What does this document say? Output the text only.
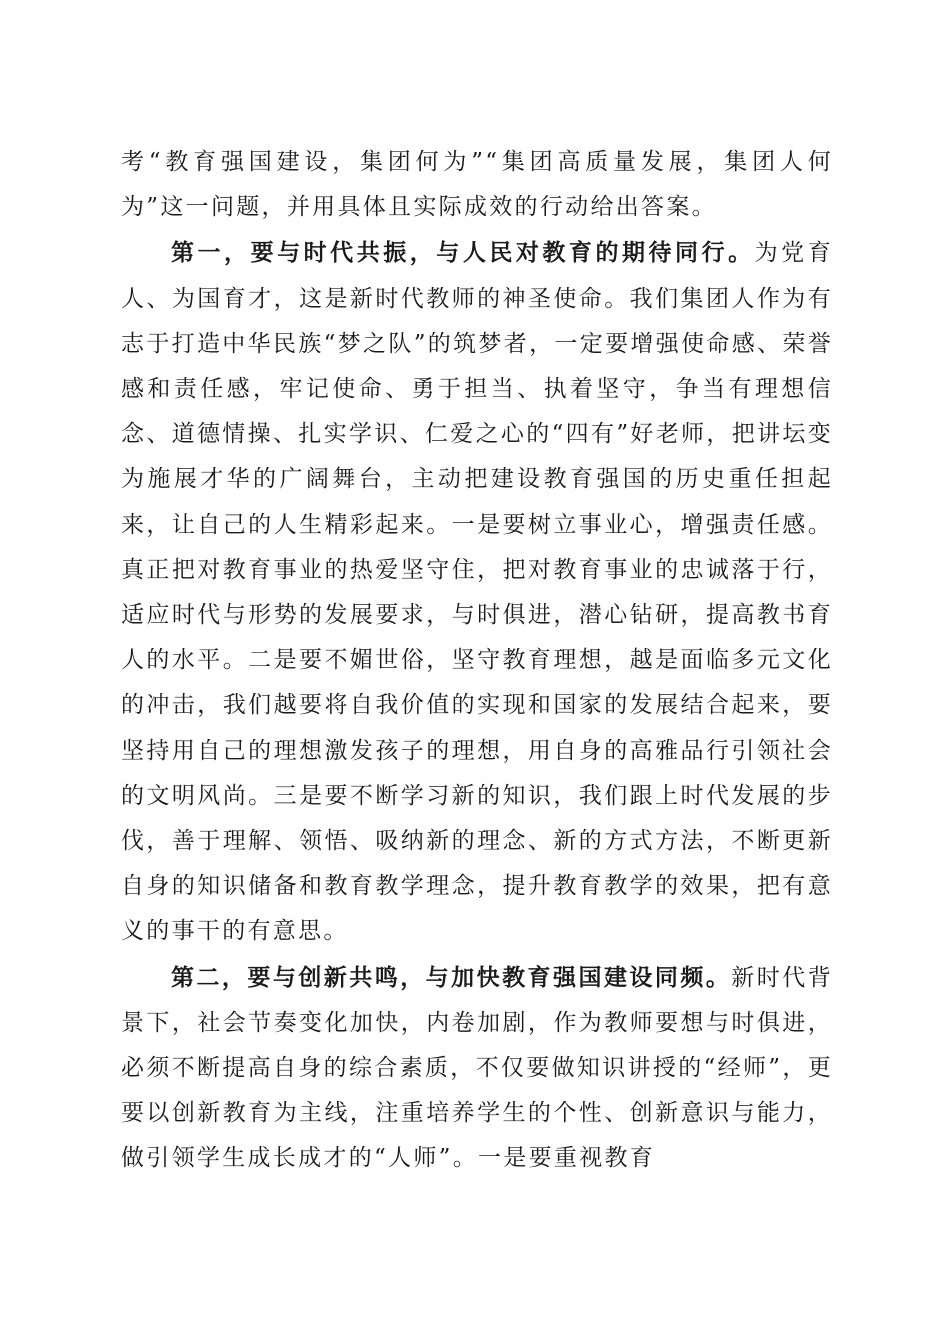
考“教育强国建设，集团何为”“集团高质量发展，集团人何为”这一问题，并用具体且实际成效的行动给出答案。

第一，要与时代共振，与人民对教育的期待同行。为党育人、为国育才，这是新时代教师的神圣使命。我们集团人作为有志于打造中华民族“梦之队”的筑梦者，一定要增强使命感、荣誉感和责任感，牢记使命、勇于担当、执着坚守，争当有理想信念、道德情操、扎实学识、仁爱之心的“四有”好老师，把讲坛变为施展才华的广阔舞台，主动把建设教育强国的历史重任担起来，让自己的人生精彩起来。一是要树立事业心，增强责任感。真正把对教育事业的热爱坚守住，把对教育事业的忠诚落于行，适应时代与形势的发展要求，与时俱进，潜心钻研，提高教书育人的水平。二是要不媚世俗，坚守教育理想，越是面临多元文化的冲击，我们越要将自我价值的实现和国家的发展结合起来，要坚持用自己的理想激发孩子的理想，用自身的高雅品行引领社会的文明风尚。三是要不断学习新的知识，我们跟上时代发展的步伐，善于理解、领悟、吸纳新的理念、新的方式方法，不断更新自身的知识储备和教育教学理念，提升教育教学的效果，把有意义的事干的有意思。

第二，要与创新共鸣，与加快教育强国建设同频。新时代背景下，社会节奏变化加快，内卷加剧，作为教师要想与时俱进，必须不断提高自身的综合素质，不仅要做知识讲授的“经师”，更要以创新教育为主线，注重培养学生的个性、创新意识与能力，做引领学生成长成才的“人师”。一是要重视教育
